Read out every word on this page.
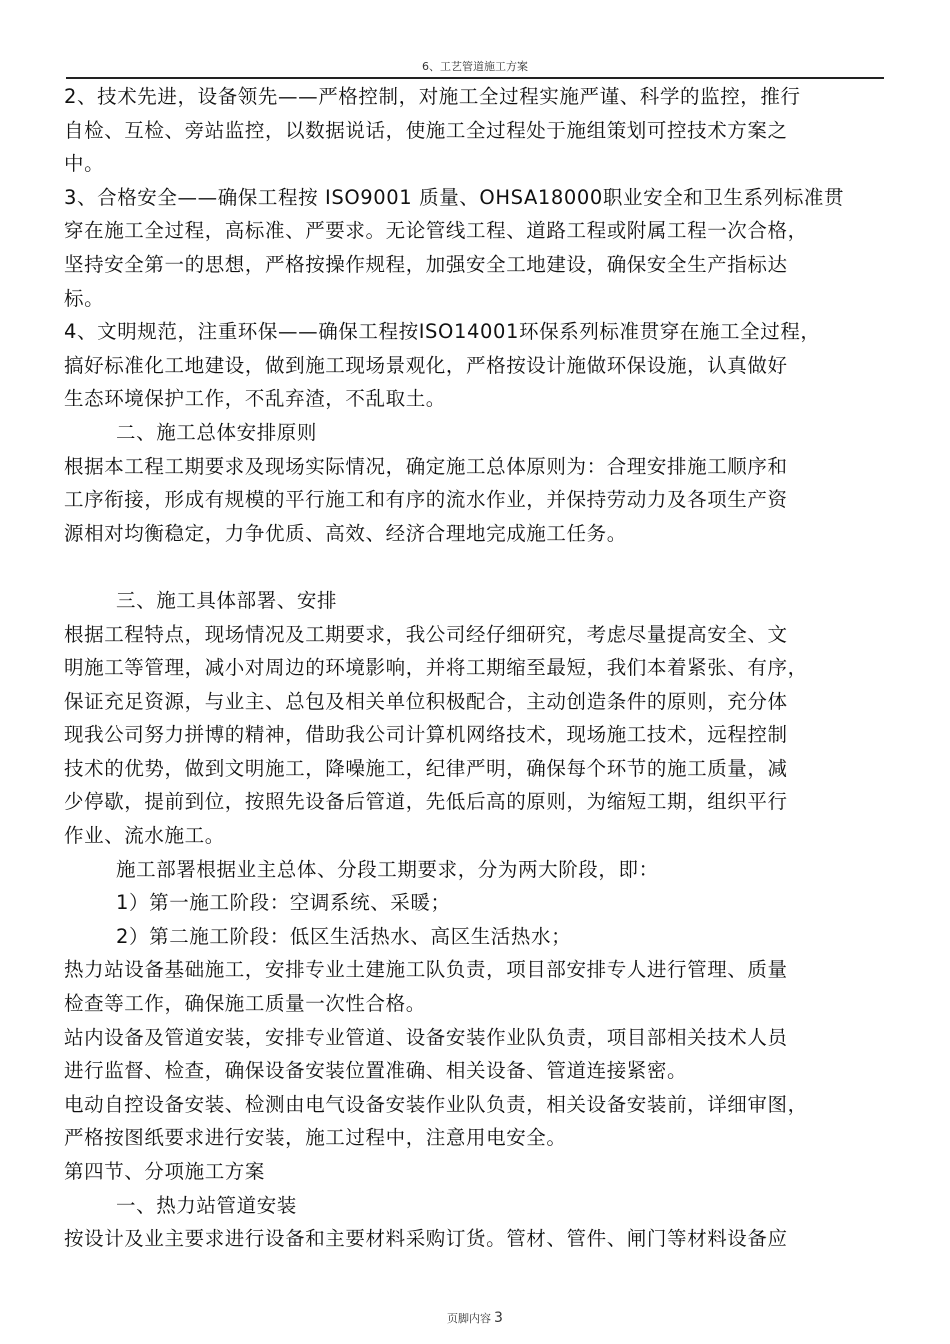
6、工艺管道施工方案
2、技术先进，设备领先——严格控制，对施工全过程实施严谨、科学的监控，推行
自检、互检、旁站监控，以数据说话，使施工全过程处于施组策划可控技术方案之
中。
3、合格安全——确保工程按 ISO9001 质量、OHSA18000职业安全和卫生系列标准贯
穿在施工全过程，高标准、严要求。无论管线工程、道路工程或附属工程一次合格，
坚持安全第一的思想，严格按操作规程，加强安全工地建设，确保安全生产指标达
标。
4、文明规范，注重环保——确保工程按ISO14001环保系列标准贯穿在施工全过程，
搞好标准化工地建设，做到施工现场景观化，严格按设计施做环保设施，认真做好
生态环境保护工作，不乱弃渣，不乱取土。
二、施工总体安排原则
根据本工程工期要求及现场实际情况，确定施工总体原则为：合理安排施工顺序和
工序衔接，形成有规模的平行施工和有序的流水作业，并保持劳动力及各项生产资
源相对均衡稳定，力争优质、高效、经济合理地完成施工任务。
三、施工具体部署、安排
根据工程特点，现场情况及工期要求，我公司经仔细研究，考虑尽量提高安全、文
明施工等管理，减小对周边的环境影响，并将工期缩至最短，我们本着紧张、有序，
保证充足资源，与业主、总包及相关单位积极配合，主动创造条件的原则，充分体
现我公司努力拼博的精神，借助我公司计算机网络技术，现场施工技术，远程控制
技术的优势，做到文明施工，降噪施工，纪律严明，确保每个环节的施工质量，减
少停歇，提前到位，按照先设备后管道，先低后高的原则，为缩短工期，组织平行
作业、流水施工。
施工部署根据业主总体、分段工期要求，分为两大阶段，即：
1）第一施工阶段：空调系统、采暖；
2）第二施工阶段：低区生活热水、高区生活热水；
热力站设备基础施工，安排专业土建施工队负责，项目部安排专人进行管理、质量
检查等工作，确保施工质量一次性合格。
站内设备及管道安装，安排专业管道、设备安装作业队负责，项目部相关技术人员
进行监督、检查，确保设备安装位置准确、相关设备、管道连接紧密。
电动自控设备安装、检测由电气设备安装作业队负责，相关设备安装前，详细审图，
严格按图纸要求进行安装，施工过程中，注意用电安全。
第四节、分项施工方案
一、热力站管道安装
按设计及业主要求进行设备和主要材料采购订货。管材、管件、闸门等材料设备应
页脚内容 3
